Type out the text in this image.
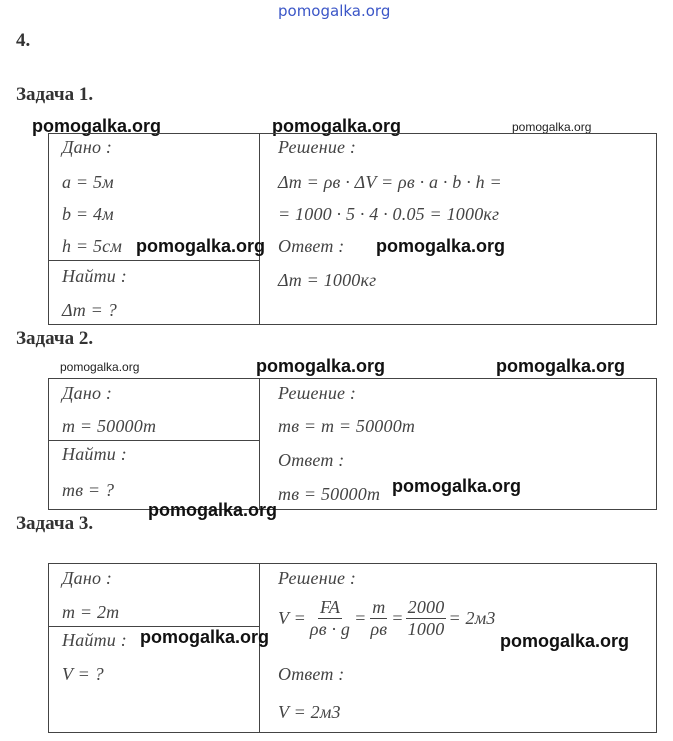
pomogalka.org
4.
Задача 1.
pomogalka.org	pomogalka.org	pomogalka.org
Дано :
a = 5м
b = 4м
h = 5см
Найти :
Δm = ?
Решение :
Δm = ρв · ΔV = ρв · a · b · h =
= 1000 · 5 · 4 · 0.05 = 1000кг
Ответ :
Δm = 1000кг
pomogalka.org	pomogalka.org
Задача 2.
pomogalka.org	pomogalka.org	pomogalka.org
Дано :
m = 50000т
Найти :
mв = ?
Решение :
mв = m = 50000т
Ответ :
mв = 50000т pomogalka.org
pomogalka.org
Задача 3.
Дано :
m = 2т
Найти :
V = ?
Решение :
$V = \frac{FA}{\rho в \cdot g} = \frac{m}{\rho в} = \frac{2000}{1000} = 2м3$
Ответ :
V = 2м3
pomogalka.org	pomogalka.org
